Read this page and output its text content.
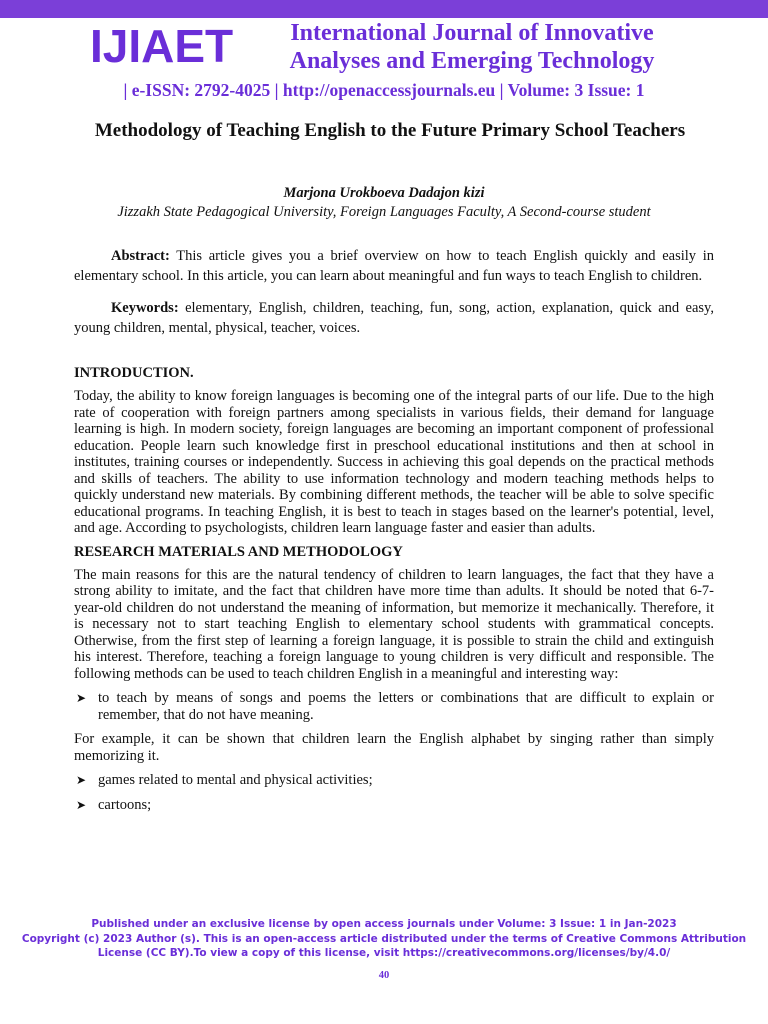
IJIAET	International Journal of Innovative
Analyses and Emerging Technology
| e-ISSN: 2792-4025 | http://openaccessjournals.eu | Volume: 3 Issue: 1
Methodology of Teaching English to the Future Primary School Teachers
Marjona Urokboeva Dadajon kizi
Jizzakh State Pedagogical University, Foreign Languages Faculty, A Second-course student

Abstract: This article gives you a brief overview on how to teach English quickly and easily in elementary school. In this article, you can learn about meaningful and fun ways to teach English to children.

Keywords: elementary, English, children, teaching, fun, song, action, explanation, quick and easy, young children, mental, physical, teacher, voices.

INTRODUCTION.

Today, the ability to know foreign languages is becoming one of the integral parts of our life. Due to the high rate of cooperation with foreign partners among specialists in various fields, their demand for language learning is high. In modern society, foreign languages are becoming an important component of professional education. People learn such knowledge first in preschool educational institutions and then at school in institutes, training courses or independently. Success in achieving this goal depends on the practical methods and skills of teachers. The ability to use information technology and modern teaching methods helps to quickly understand new materials. By combining different methods, the teacher will be able to solve specific educational programs. In teaching English, it is best to teach in stages based on the learner's potential, level, and age. According to psychologists, children learn language faster and easier than adults.

RESEARCH MATERIALS AND METHODOLOGY

The main reasons for this are the natural tendency of children to learn languages, the fact that they have a strong ability to imitate, and the fact that children have more time than adults. It should be noted that 6-7-year-old children do not understand the meaning of information, but memorize it mechanically. Therefore, it is necessary not to start teaching English to elementary school students with grammatical concepts. Otherwise, from the first step of learning a foreign language, it is possible to strain the child and extinguish his interest. Therefore, teaching a foreign language to young children is very difficult and responsible. The following methods can be used to teach children English in a meaningful and interesting way:

➤ to teach by means of songs and poems the letters or combinations that are difficult to explain or remember, that do not have meaning.

For example, it can be shown that children learn the English alphabet by singing rather than simply memorizing it.

➤ games related to mental and physical activities;

➤ cartoons;

Published under an exclusive license by open access journals under Volume: 3 Issue: 1 in Jan-2023
Copyright (c) 2023 Author (s). This is an open-access article distributed under the terms of Creative Commons Attribution
License (CC BY).To view a copy of this license, visit https://creativecommons.org/licenses/by/4.0/
40
